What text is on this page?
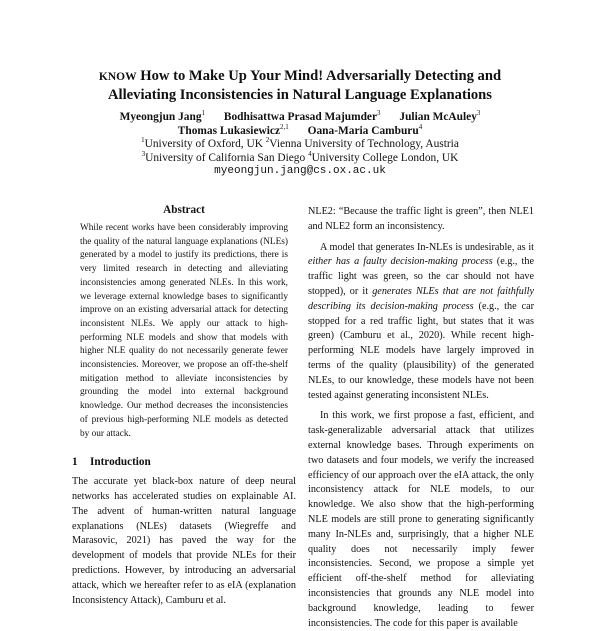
KNOW How to Make Up Your Mind! Adversarially Detecting and
Alleviating Inconsistencies in Natural Language Explanations
Myeongjun Jang$^1$ Bodhisattwa Prasad Majumder$^3$ Julian McAuley$^3$
Thomas Lukasiewicz$^{2,1}$ Oana-Maria Camburu$^4$
$^1$University of Oxford, UK $^2$Vienna University of Technology, Austria
$^3$University of California San Diego $^4$University College London, UK
myeongjun.jang@cs.ox.ac.uk
Abstract

While recent works have been considerably improving the quality of the natural language explanations (NLEs) generated by a model to justify its predictions, there is very limited research in detecting and alleviating inconsistencies among generated NLEs. In this work, we leverage external knowledge bases to significantly improve on an existing adversarial attack for detecting inconsistent NLEs. We apply our attack to high-performing NLE models and show that models with higher NLE quality do not necessarily generate fewer inconsistencies. Moreover, we propose an off-the-shelf mitigation method to alleviate inconsistencies by grounding the model into external background knowledge. Our method decreases the inconsistencies of previous high-performing NLE models as detected by our attack.

1 Introduction

The accurate yet black-box nature of deep neural networks has accelerated studies on explainable AI. The advent of human-written natural language explanations (NLEs) datasets (Wiegreffe and Marasovic, 2021) has paved the way for the development of models that provide NLEs for their predictions. However, by introducing an adversarial attack, which we hereafter refer to as eIA (explanation Inconsistency Attack), Camburu et al.

NLE2: “Because the traffic light is green”, then NLE1 and NLE2 form an inconsistency.

A model that generates In-NLEs is undesirable, as it either has a faulty decision-making process (e.g., the traffic light was green, so the car should not have stopped), or it generates NLEs that are not faithfully describing its decision-making process (e.g., the car stopped for a red traffic light, but states that it was green) (Camburu et al., 2020). While recent high-performing NLE models have largely improved in terms of the quality (plausibility) of the generated NLEs, to our knowledge, these models have not been tested against generating inconsistent NLEs.

In this work, we first propose a fast, efficient, and task-generalizable adversarial attack that utilizes external knowledge bases. Through experiments on two datasets and four models, we verify the increased efficiency of our approach over the eIA attack, the only inconsistency attack for NLE models, to our knowledge. We also show that the high-performing NLE models are still prone to generating significantly many In-NLEs and, surprisingly, that a higher NLE quality does not necessarily imply fewer inconsistencies. Second, we propose a simple yet efficient off-the-shelf method for alleviating inconsistencies that grounds any NLE model into background knowledge, leading to fewer inconsistencies. The code for this paper is available
